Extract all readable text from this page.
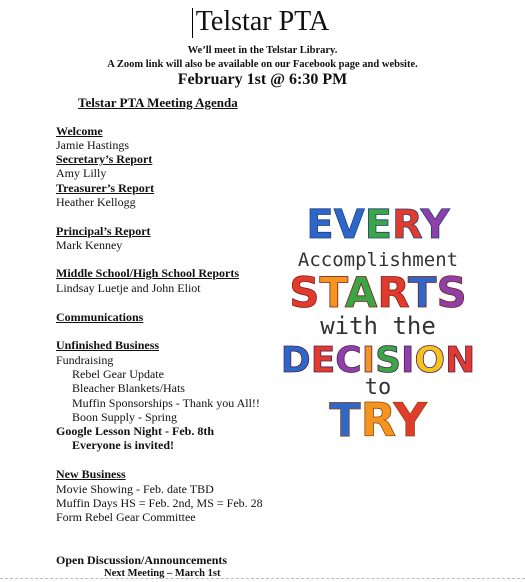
Telstar PTA
We’ll meet in the Telstar Library.
A Zoom link will also be available on our Facebook page and website.
February 1st @ 6:30 PM
Telstar PTA Meeting Agenda
Welcome
Jamie Hastings
Secretary’s Report
Amy Lilly
Treasurer’s Report
Heather Kellogg
Principal’s Report
Mark Kenney
Middle School/High School Reports
Lindsay Luetje and John Eliot
Communications
Unfinished Business
Fundraising
Rebel Gear Update
Bleacher Blankets/Hats
Muffin Sponsorships - Thank you All!!
Boon Supply - Spring
Google Lesson Night - Feb. 8th
Everyone is invited!
New Business
Movie Showing - Feb. date TBD
Muffin Days HS = Feb. 2nd, MS = Feb. 28
Form Rebel Gear Committee
Open Discussion/Announcements
Next Meeting – March 1st
EVERY
Accomplishment
STARTS
with the
DECISION
to
TRY
